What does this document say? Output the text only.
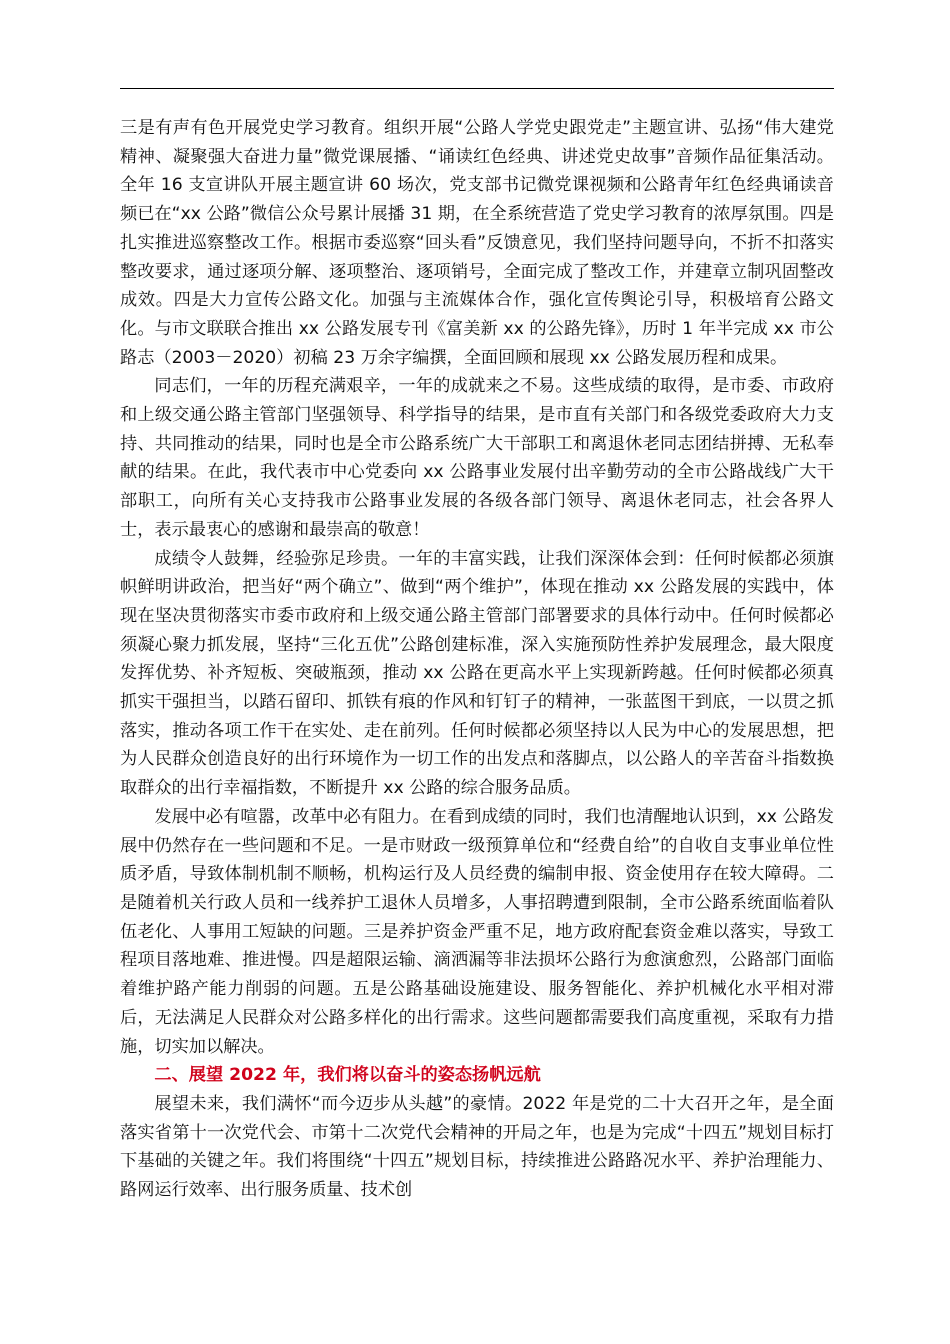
三是有声有色开展党史学习教育。组织开展“公路人学党史跟党走”主题宣讲、弘扬“伟大建党精神、凝聚强大奋进力量”微党课展播、“诵读红色经典、讲述党史故事”音频作品征集活动。全年 16 支宣讲队开展主题宣讲 60 场次，党支部书记微党课视频和公路青年红色经典诵读音频已在“xx 公路”微信公众号累计展播 31 期，在全系统营造了党史学习教育的浓厚氛围。四是扎实推进巡察整改工作。根据市委巡察“回头看”反馈意见，我们坚持问题导向，不折不扣落实整改要求，通过逐项分解、逐项整治、逐项销号，全面完成了整改工作，并建章立制巩固整改成效。四是大力宣传公路文化。加强与主流媒体合作，强化宣传舆论引导，积极培育公路文化。与市文联联合推出 xx 公路发展专刊《富美新 xx 的公路先锋》，历时 1 年半完成 xx 市公路志（2003－2020）初稿 23 万余字编撰，全面回顾和展现 xx 公路发展历程和成果。

同志们，一年的历程充满艰辛，一年的成就来之不易。这些成绩的取得，是市委、市政府和上级交通公路主管部门坚强领导、科学指导的结果，是市直有关部门和各级党委政府大力支持、共同推动的结果，同时也是全市公路系统广大干部职工和离退休老同志团结拼搏、无私奉献的结果。在此，我代表市中心党委向 xx 公路事业发展付出辛勤劳动的全市公路战线广大干部职工，向所有关心支持我市公路事业发展的各级各部门领导、离退休老同志，社会各界人士，表示最衷心的感谢和最崇高的敬意！

成绩令人鼓舞，经验弥足珍贵。一年的丰富实践，让我们深深体会到：任何时候都必须旗帜鲜明讲政治，把当好“两个确立”、做到“两个维护”，体现在推动 xx 公路发展的实践中，体现在坚决贯彻落实市委市政府和上级交通公路主管部门部署要求的具体行动中。任何时候都必须凝心聚力抓发展，坚持“三化五优”公路创建标准，深入实施预防性养护发展理念，最大限度发挥优势、补齐短板、突破瓶颈，推动 xx 公路在更高水平上实现新跨越。任何时候都必须真抓实干强担当，以踏石留印、抓铁有痕的作风和钉钉子的精神，一张蓝图干到底，一以贯之抓落实，推动各项工作干在实处、走在前列。任何时候都必须坚持以人民为中心的发展思想，把为人民群众创造良好的出行环境作为一切工作的出发点和落脚点，以公路人的辛苦奋斗指数换取群众的出行幸福指数，不断提升 xx 公路的综合服务品质。

发展中必有喧嚣，改革中必有阻力。在看到成绩的同时，我们也清醒地认识到，xx 公路发展中仍然存在一些问题和不足。一是市财政一级预算单位和“经费自给”的自收自支事业单位性质矛盾，导致体制机制不顺畅，机构运行及人员经费的编制申报、资金使用存在较大障碍。二是随着机关行政人员和一线养护工退休人员增多，人事招聘遭到限制，全市公路系统面临着队伍老化、人事用工短缺的问题。三是养护资金严重不足，地方政府配套资金难以落实，导致工程项目落地难、推进慢。四是超限运输、滴洒漏等非法损坏公路行为愈演愈烈，公路部门面临着维护路产能力削弱的问题。五是公路基础设施建设、服务智能化、养护机械化水平相对滞后，无法满足人民群众对公路多样化的出行需求。这些问题都需要我们高度重视，采取有力措施，切实加以解决。

二、展望 2022 年，我们将以奋斗的姿态扬帆远航

展望未来，我们满怀“而今迈步从头越”的豪情。2022 年是党的二十大召开之年，是全面落实省第十一次党代会、市第十二次党代会精神的开局之年，也是为完成“十四五”规划目标打下基础的关键之年。我们将围绕“十四五”规划目标，持续推进公路路况水平、养护治理能力、路网运行效率、出行服务质量、技术创
